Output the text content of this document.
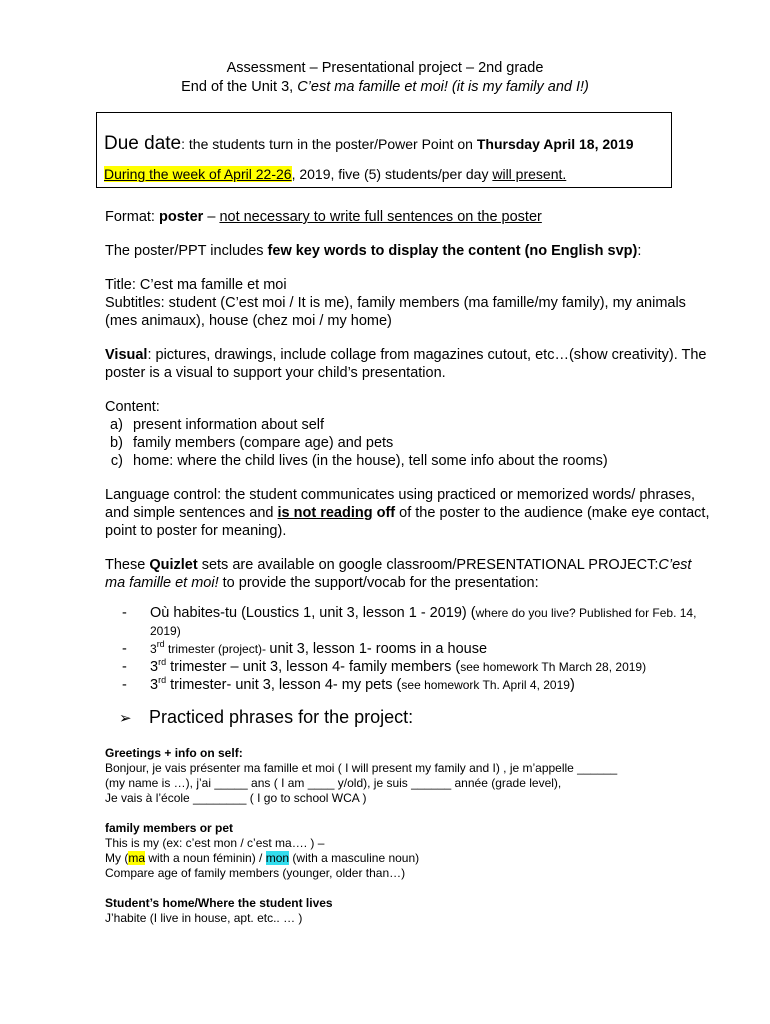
Assessment – Presentational project – 2nd grade
End of the Unit 3, C’est ma famille et moi! (it is my family and I!)
Due date: the students turn in the poster/Power Point on Thursday April 18, 2019
During the week of April 22-26, 2019, five (5) students/per day will present.

Format: poster – not necessary to write full sentences on the poster

The poster/PPT includes few key words to display the content (no English svp):

Title: C’est ma famille et moi

Subtitles: student (C’est moi / It is me), family members (ma famille/my family), my animals (mes animaux), house (chez moi / my home)

Visual: pictures, drawings, include collage from magazines cutout, etc…(show creativity). The poster is a visual to support your child’s presentation.

Content:

a. present information about self
b. family members (compare age) and pets
c. home: where the child lives (in the house), tell some info about the rooms)

Language control: the student communicates using practiced or memorized words/ phrases, and simple sentences and is not reading off of the poster to the audience (make eye contact, point to poster for meaning).

These Quizlet sets are available on google classroom/PRESENTATIONAL PROJECT:C’est ma famille et moi! to provide the support/vocab for the presentation:

- Où habites-tu (Loustics 1, unit 3, lesson 1 - 2019) (where do you live? Published for Feb. 14, 2019)
- 3rd trimester (project)- unit 3, lesson 1- rooms in a house
- 3rd trimester – unit 3, lesson 4- family members (see homework Th March 28, 2019)
- 3rd trimester- unit 3, lesson 4- my pets (see homework Th. April 4, 2019)
➢ Practiced phrases for the project:

Greetings + info on self:

Bonjour, je vais présenter ma famille et moi ( I will present my family and I) , je m’appelle ______

(my name is …), j’ai _____ ans ( I am ____ y/old), je suis ______ année (grade level),

Je vais à l’école ________ ( I go to school WCA )

family members or pet

This is my (ex: c’est mon / c’est ma…. ) –

My (ma with a noun féminin) / mon (with a masculine noun)

Compare age of family members (younger, older than…)

Student’s home/Where the student lives

J’habite (I live in house, apt. etc.. … )
